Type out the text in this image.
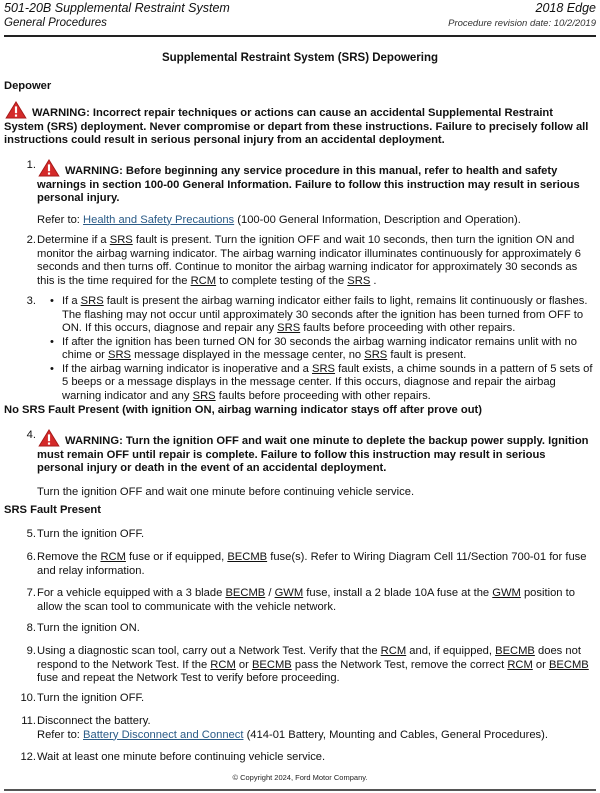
501-20B Supplemental Restraint System	2018 Edge
General Procedures	Procedure revision date: 10/2/2019
Supplemental Restraint System (SRS) Depowering
Depower
WARNING: Incorrect repair techniques or actions can cause an accidental Supplemental Restraint System (SRS) deployment. Never compromise or depart from these instructions. Failure to precisely follow all instructions could result in serious personal injury from an accidental deployment.
1.	WARNING: Before beginning any service procedure in this manual, refer to health and safety warnings in section 100-00 General Information. Failure to follow this instruction may result in serious personal injury.
Refer to: Health and Safety Precautions (100-00 General Information, Description and Operation).
2. Determine if a SRS fault is present. Turn the ignition OFF and wait 10 seconds, then turn the ignition ON and monitor the airbag warning indicator. The airbag warning indicator illuminates continuously for approximately 6 seconds and then turns off. Continue to monitor the airbag warning indicator for approximately 30 seconds as this is the time required for the RCM to complete testing of the SRS .
3.	• If a SRS fault is present the airbag warning indicator either fails to light, remains lit continuously or flashes. The flashing may not occur until approximately 30 seconds after the ignition has been turned from OFF to ON. If this occurs, diagnose and repair any SRS faults before proceeding with other repairs.
• If after the ignition has been turned ON for 30 seconds the airbag warning indicator remains unlit with no chime or SRS message displayed in the message center, no SRS fault is present.
• If the airbag warning indicator is inoperative and a SRS fault exists, a chime sounds in a pattern of 5 sets of 5 beeps or a message displays in the message center. If this occurs, diagnose and repair the airbag warning indicator and any SRS faults before proceeding with other repairs.
No SRS Fault Present (with ignition ON, airbag warning indicator stays off after prove out)
4.	WARNING: Turn the ignition OFF and wait one minute to deplete the backup power supply. Ignition must remain OFF until repair is complete. Failure to follow this instruction may result in serious personal injury or death in the event of an accidental deployment.
Turn the ignition OFF and wait one minute before continuing vehicle service.
SRS Fault Present
5. Turn the ignition OFF.
6. Remove the RCM fuse or if equipped, BECMB fuse(s). Refer to Wiring Diagram Cell 11/Section 700-01 for fuse and relay information.
7. For a vehicle equipped with a 3 blade BECMB / GWM fuse, install a 2 blade 10A fuse at the GWM position to allow the scan tool to communicate with the vehicle network.
8. Turn the ignition ON.
9. Using a diagnostic scan tool, carry out a Network Test. Verify that the RCM and, if equipped, BECMB does not respond to the Network Test. If the RCM or BECMB pass the Network Test, remove the correct RCM or BECMB fuse and repeat the Network Test to verify before proceeding.
10. Turn the ignition OFF.
11. Disconnect the battery.
Refer to: Battery Disconnect and Connect (414-01 Battery, Mounting and Cables, General Procedures).
12. Wait at least one minute before continuing vehicle service.
© Copyright 2024, Ford Motor Company.
